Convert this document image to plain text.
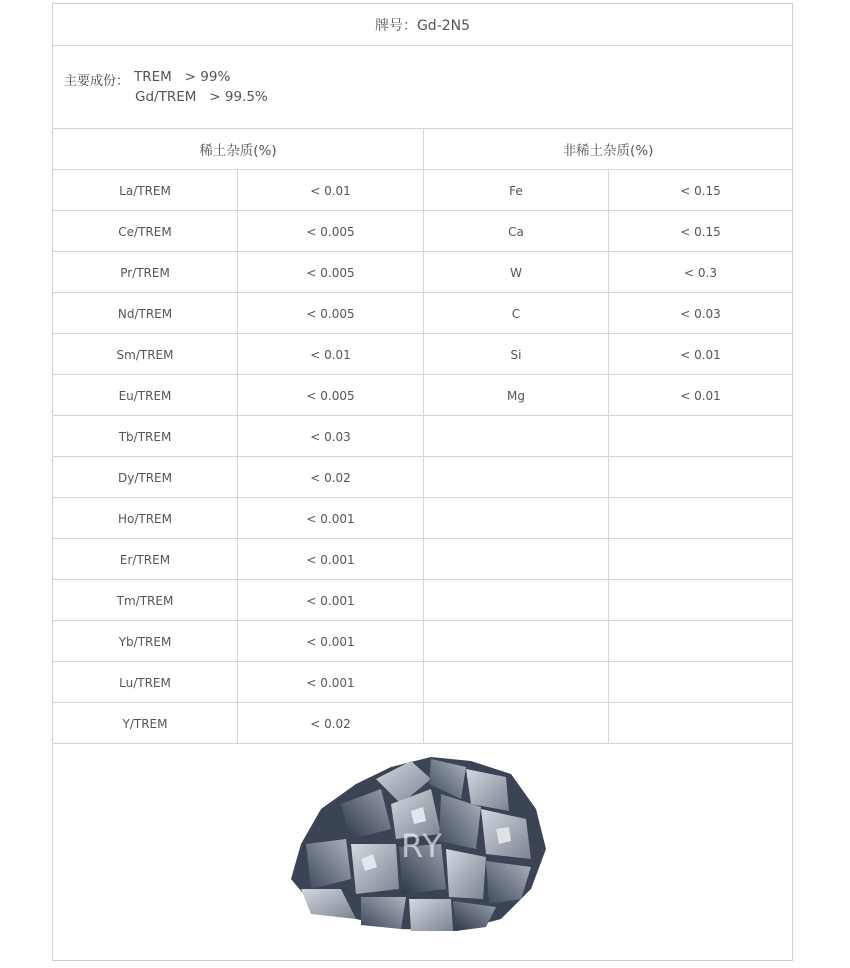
牌号：Gd-2N5
主要成份： TREM   > 99%
Gd/TREM   > 99.5%
稀土杂质(%)	非稀土杂质(%)
La/TREM	< 0.01	Fe	< 0.15
Ce/TREM	< 0.005	Ca	< 0.15
Pr/TREM	< 0.005	W	< 0.3
Nd/TREM	< 0.005	C	< 0.03
Sm/TREM	< 0.01	Si	< 0.01
Eu/TREM	< 0.005	Mg	< 0.01
Tb/TREM	< 0.03
Dy/TREM	< 0.02
Ho/TREM	< 0.001
Er/TREM	< 0.001
Tm/TREM	< 0.001
Yb/TREM	< 0.001
Lu/TREM	< 0.001
Y/TREM	< 0.02
RY
